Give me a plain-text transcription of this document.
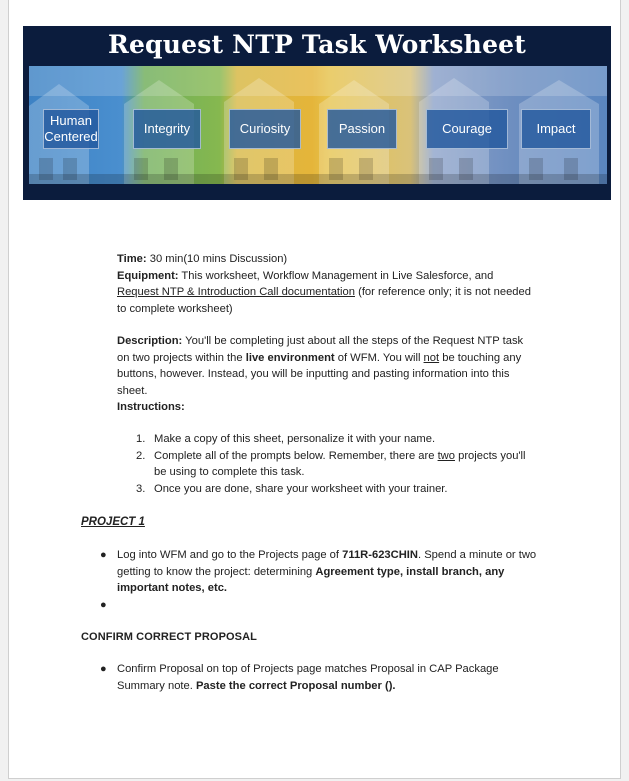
Request NTP Task Worksheet
Human
Centered
Integrity	Curiosity	Passion	Courage	Impact
Time: 30 min(10 mins Discussion)
Equipment: This worksheet, Workflow Management in Live Salesforce, and Request NTP & Introduction Call documentation (for reference only; it is not needed to complete worksheet)
Description: You'll be completing just about all the steps of the Request NTP task on two projects within the live environment of WFM. You will not be touching any buttons, however. Instead, you will be inputting and pasting information into this sheet.
Instructions:
1. Make a copy of this sheet, personalize it with your name.
2. Complete all of the prompts below. Remember, there are two projects you'll be using to complete this task.
3. Once you are done, share your worksheet with your trainer.
PROJECT 1
● Log into WFM and go to the Projects page of 711R-623CHIN. Spend a minute or two getting to know the project: determining Agreement type, install branch, any important notes, etc.
●
CONFIRM CORRECT PROPOSAL
● Confirm Proposal on top of Projects page matches Proposal in CAP Package Summary note. Paste the correct Proposal number ().
